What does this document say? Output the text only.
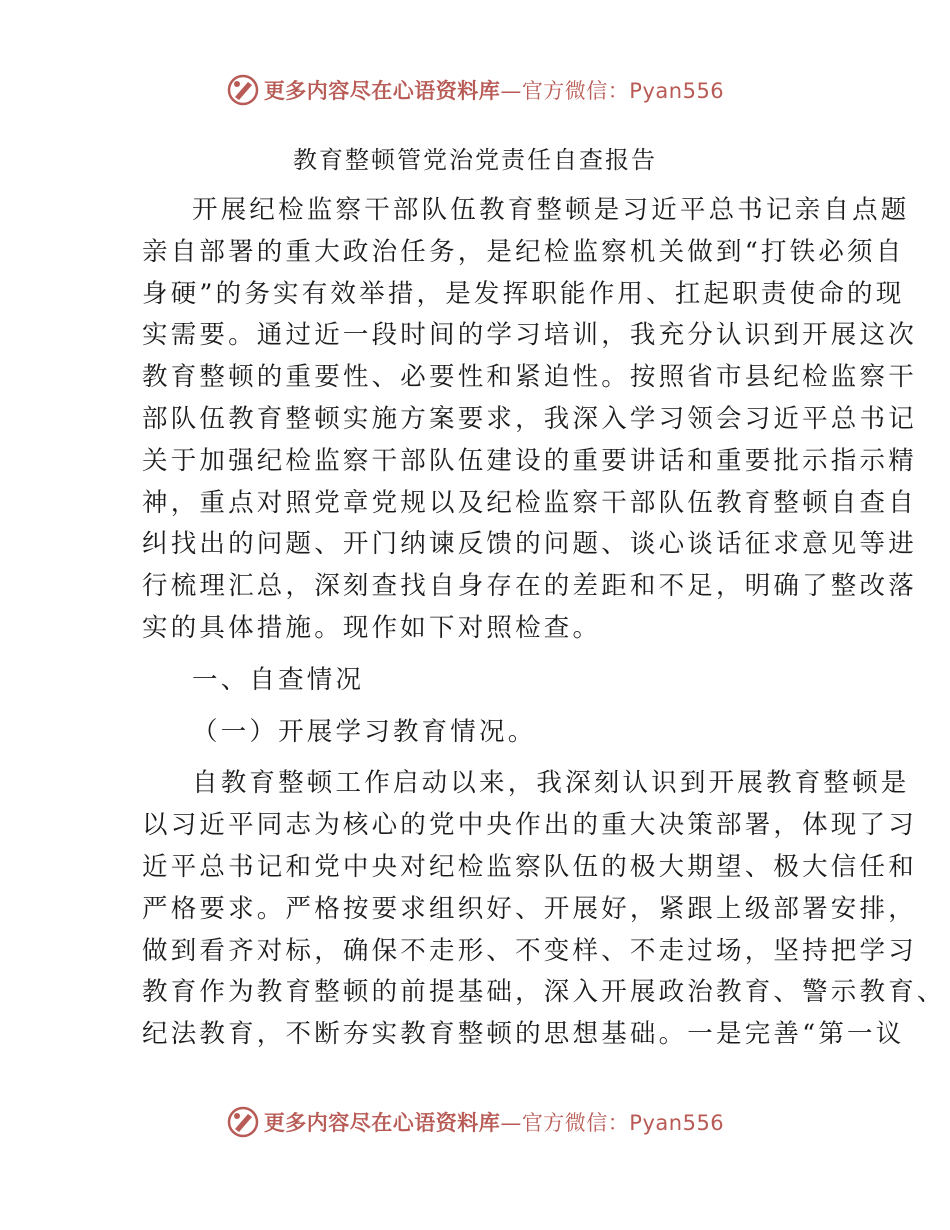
更多内容尽在心语资料库—官方微信：Pyan556
教育整顿管党治党责任自查报告
开展纪检监察干部队伍教育整顿是习近平总书记亲自点题
亲自部署的重大政治任务，是纪检监察机关做到“打铁必须自
身硬”的务实有效举措，是发挥职能作用、扛起职责使命的现
实需要。通过近一段时间的学习培训，我充分认识到开展这次
教育整顿的重要性、必要性和紧迫性。按照省市县纪检监察干
部队伍教育整顿实施方案要求，我深入学习领会习近平总书记
关于加强纪检监察干部队伍建设的重要讲话和重要批示指示精
神，重点对照党章党规以及纪检监察干部队伍教育整顿自查自
纠找出的问题、开门纳谏反馈的问题、谈心谈话征求意见等进
行梳理汇总，深刻查找自身存在的差距和不足，明确了整改落
实的具体措施。现作如下对照检查。
一、自查情况
（一）开展学习教育情况。
自教育整顿工作启动以来，我深刻认识到开展教育整顿是
以习近平同志为核心的党中央作出的重大决策部署，体现了习
近平总书记和党中央对纪检监察队伍的极大期望、极大信任和
严格要求。严格按要求组织好、开展好，紧跟上级部署安排，
做到看齐对标，确保不走形、不变样、不走过场，坚持把学习
教育作为教育整顿的前提基础，深入开展政治教育、警示教育、
纪法教育，不断夯实教育整顿的思想基础。一是完善“第一议
更多内容尽在心语资料库—官方微信：Pyan556
